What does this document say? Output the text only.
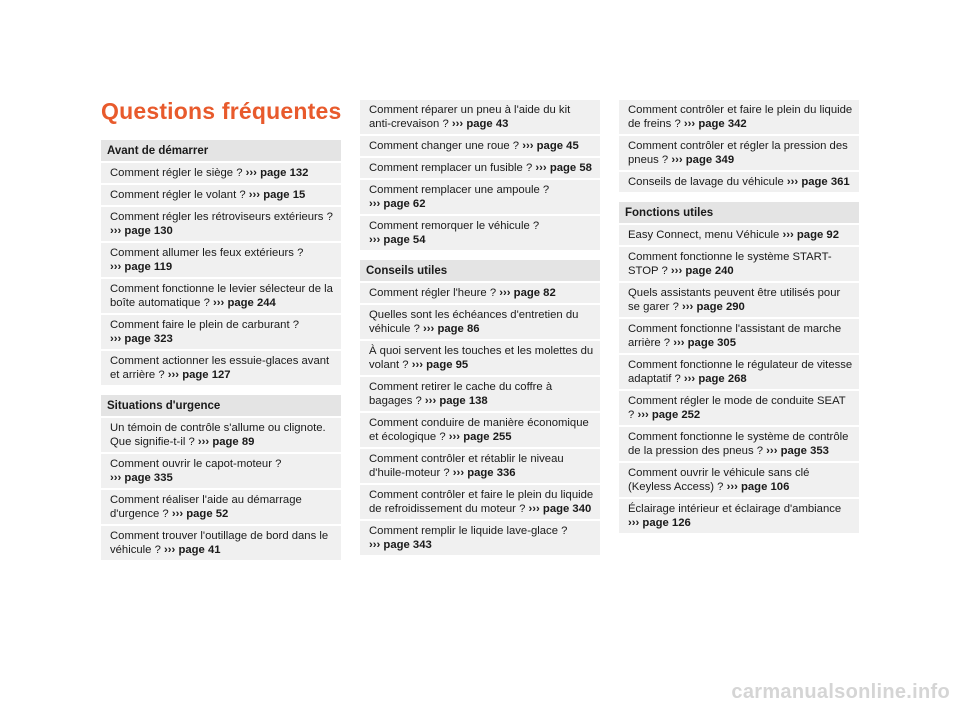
Questions fréquentes
Avant de démarrer
Comment régler le siège ? ››› page 132
Comment régler le volant ? ››› page 15
Comment régler les rétroviseurs extérieurs ? ››› page 130
Comment allumer les feux extérieurs ? ››› page 119
Comment fonctionne le levier sélecteur de la boîte automatique ? ››› page 244
Comment faire le plein de carburant ? ››› page 323
Comment actionner les essuie-glaces avant et arrière ? ››› page 127
Situations d'urgence
Un témoin de contrôle s'allume ou clignote. Que signifie-t-il ? ››› page 89
Comment ouvrir le capot-moteur ? ››› page 335
Comment réaliser l'aide au démarrage d'urgence ? ››› page 52
Comment trouver l'outillage de bord dans le véhicule ? ››› page 41
Comment réparer un pneu à l'aide du kit anti-crevaison ? ››› page 43
Comment changer une roue ? ››› page 45
Comment remplacer un fusible ? ››› page 58
Comment remplacer une ampoule ? ››› page 62
Comment remorquer le véhicule ? ››› page 54
Conseils utiles
Comment régler l'heure ? ››› page 82
Quelles sont les échéances d'entretien du véhicule ? ››› page 86
À quoi servent les touches et les molettes du volant ? ››› page 95
Comment retirer le cache du coffre à bagages ? ››› page 138
Comment conduire de manière économique et écologique ? ››› page 255
Comment contrôler et rétablir le niveau d'huile-moteur ? ››› page 336
Comment contrôler et faire le plein du liquide de refroidissement du moteur ? ››› page 340
Comment remplir le liquide lave-glace ? ››› page 343
Comment contrôler et faire le plein du liquide de freins ? ››› page 342
Comment contrôler et régler la pression des pneus ? ››› page 349
Conseils de lavage du véhicule ››› page 361
Fonctions utiles
Easy Connect, menu Véhicule ››› page 92
Comment fonctionne le système START-STOP ? ››› page 240
Quels assistants peuvent être utilisés pour se garer ? ››› page 290
Comment fonctionne l'assistant de marche arrière ? ››› page 305
Comment fonctionne le régulateur de vitesse adaptatif ? ››› page 268
Comment régler le mode de conduite SEAT ? ››› page 252
Comment fonctionne le système de contrôle de la pression des pneus ? ››› page 353
Comment ouvrir le véhicule sans clé (Keyless Access) ? ››› page 106
Éclairage intérieur et éclairage d'ambiance ››› page 126
carmanualsonline.info
